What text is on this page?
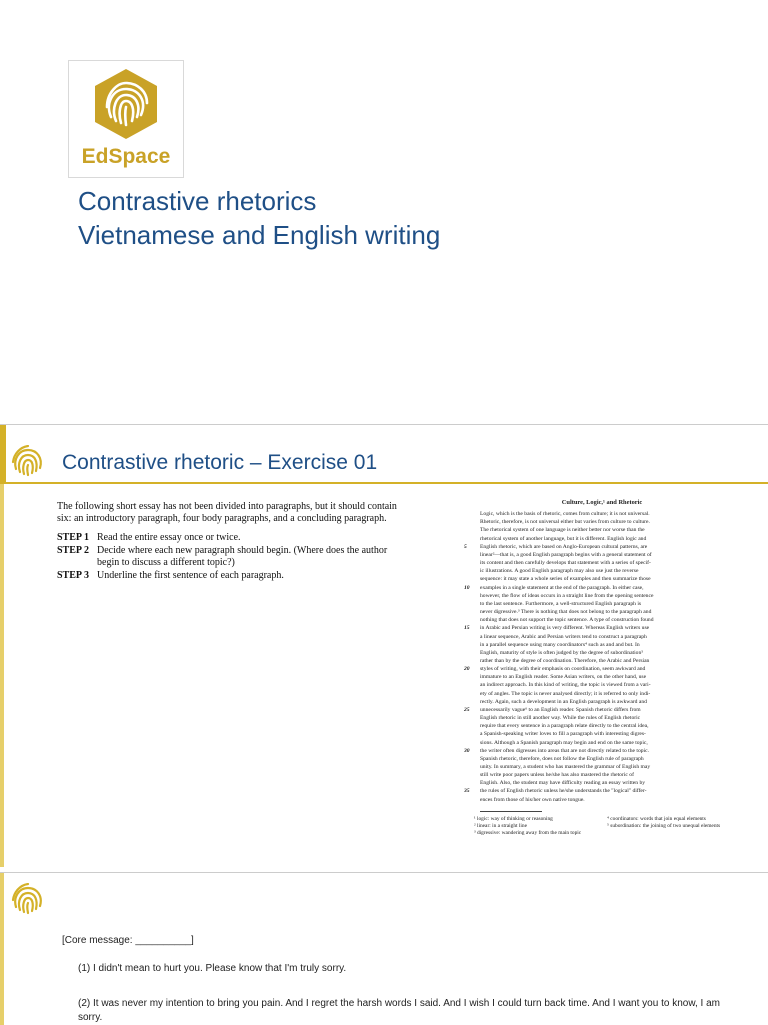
EdSpace
Contrastive rhetorics
Vietnamese and English writing
Contrastive rhetoric – Exercise 01

The following short essay has not been divided into paragraphs, but it should contain six: an introductory paragraph, four body paragraphs, and a concluding paragraph.

STEP 1 Read the entire essay once or twice.
STEP 2 Decide where each new paragraph should begin. (Where does the author begin to discuss a different topic?)
STEP 3 Underline the first sentence of each paragraph.
Culture, Logic,¹ and Rhetoric
Logic, which is the basis of rhetoric, comes from culture; it is not universal.
Rhetoric, therefore, is not universal either but varies from culture to culture.
The rhetorical system of one language is neither better nor worse than the
rhetorical system of another language, but it is different. English logic and
5 English rhetoric, which are based on Anglo-European cultural patterns, are
linear²—that is, a good English paragraph begins with a general statement of
its content and then carefully develops that statement with a series of specif-
ic illustrations. A good English paragraph may also use just the reverse
sequence: it may state a whole series of examples and then summarize those
10 examples in a single statement at the end of the paragraph. In either case,
however, the flow of ideas occurs in a straight line from the opening sentence
to the last sentence. Furthermore, a well-structured English paragraph is
never digressive.³ There is nothing that does not belong to the paragraph and
nothing that does not support the topic sentence. A type of construction found
15 in Arabic and Persian writing is very different. Whereas English writers use
a linear sequence, Arabic and Persian writers tend to construct a paragraph
in a parallel sequence using many coordinators⁴ such as and and but. In
English, maturity of style is often judged by the degree of subordination⁵
rather than by the degree of coordination. Therefore, the Arabic and Persian
20 styles of writing, with their emphasis on coordination, seem awkward and
immature to an English reader. Some Asian writers, on the other hand, use
an indirect approach. In this kind of writing, the topic is viewed from a vari-
ety of angles. The topic is never analysed directly; it is referred to only indi-
rectly. Again, such a development in an English paragraph is awkward and
25 unnecessarily vague⁶ to an English reader. Spanish rhetoric differs from
English rhetoric in still another way. While the rules of English rhetoric
require that every sentence in a paragraph relate directly to the central idea,
a Spanish-speaking writer loves to fill a paragraph with interesting digres-
sions. Although a Spanish paragraph may begin and end on the same topic,
30 the writer often digresses into areas that are not directly related to the topic.
Spanish rhetoric, therefore, does not follow the English rule of paragraph
unity. In summary, a student who has mastered the grammar of English may
still write poor papers unless he/she has also mastered the rhetoric of
English. Also, the student may have difficulty reading an essay written by
35 the rules of English rhetoric unless he/she understands the "logical" differ-
ences from those of his/her own native tongue.
¹ logic: way of thinking or reasoning
² linear: in a straight line
³ digressive: wandering away from the main topic
⁴ coordinators: words that join equal elements
⁵ subordination: the joining of two unequal elements
[Core message: __________]
(1) I didn't mean to hurt you. Please know that I'm truly sorry.
(2) It was never my intention to bring you pain. And I regret the harsh words I said. And I wish I could turn back time. And I want you to know, I am sorry.
